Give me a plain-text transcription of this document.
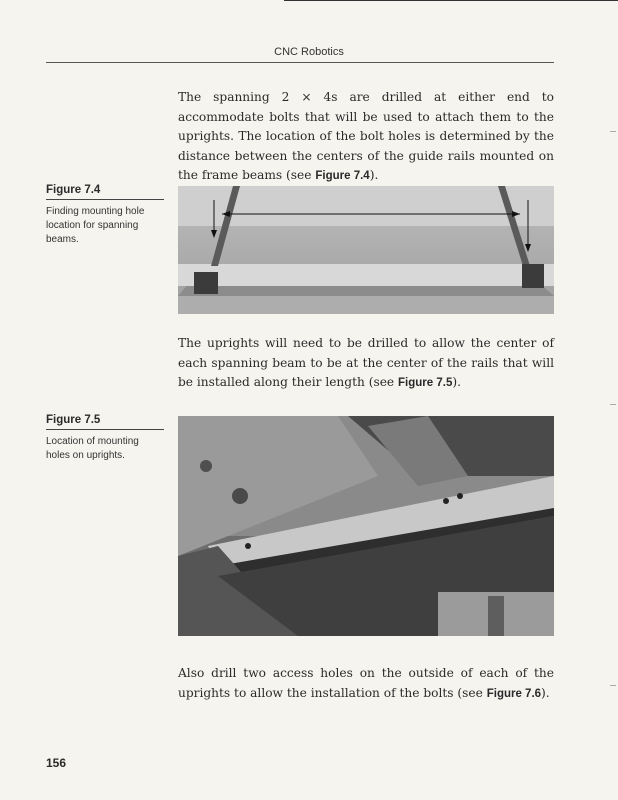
CNC Robotics

The spanning 2 × 4s are drilled at either end to accommodate bolts that will be used to attach them to the uprights. The location of the bolt holes is determined by the distance between the centers of the guide rails mounted on the frame beams (see Figure 7.4).

Figure 7.4
Finding mounting hole location for spanning beams.

The uprights will need to be drilled to allow the center of each spanning beam to be at the center of the rails that will be installed along their length (see Figure 7.5).

Figure 7.5
Location of mounting holes on uprights.

Also drill two access holes on the outside of each of the uprights to allow the installation of the bolts (see Figure 7.6).

156
